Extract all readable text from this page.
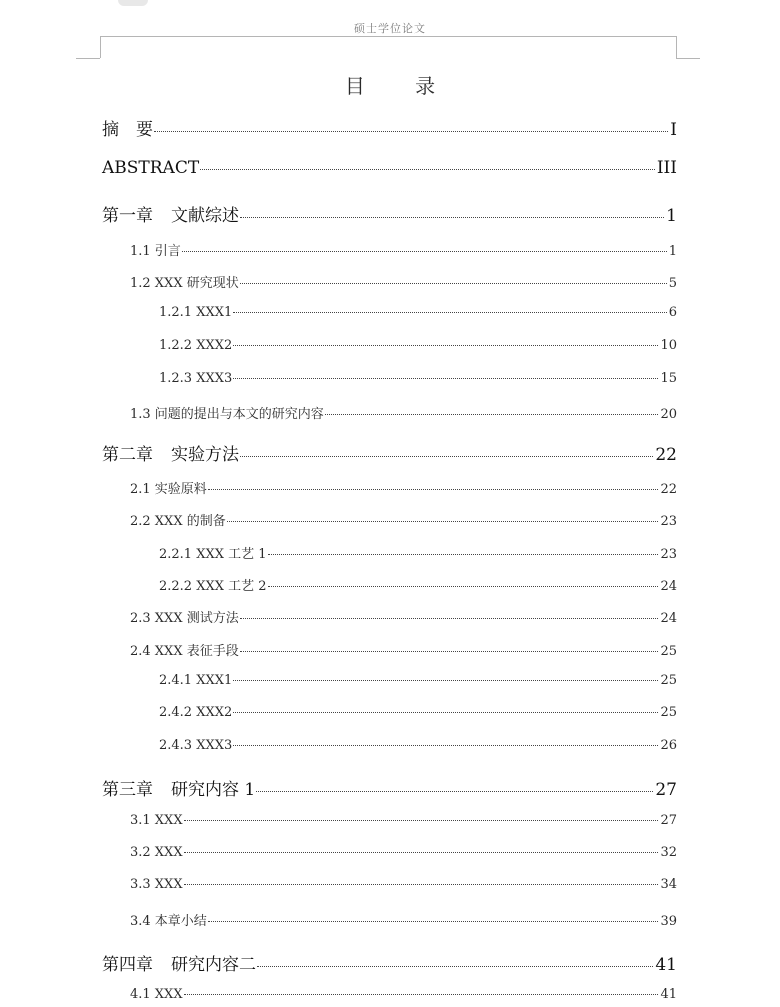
硕士学位论文
目 录
摘　要	I
ABSTRACT	III
第一章 文献综述	1
1.1 引言	1
1.2 XXX 研究现状	5
1.2.1 XXX1	6
1.2.2 XXX2	10
1.2.3 XXX3	15
1.3 问题的提出与本文的研究内容	20
第二章 实验方法	22
2.1 实验原料	22
2.2 XXX 的制备	23
2.2.1 XXX 工艺 1	23
2.2.2 XXX 工艺 2	24
2.3 XXX 测试方法	24
2.4 XXX 表征手段	25
2.4.1 XXX1	25
2.4.2 XXX2	25
2.4.3 XXX3	26
第三章 研究内容 1	27
3.1 XXX	27
3.2 XXX	32
3.3 XXX	34
3.4 本章小结	39
第四章 研究内容二	41
4.1 XXX	41
